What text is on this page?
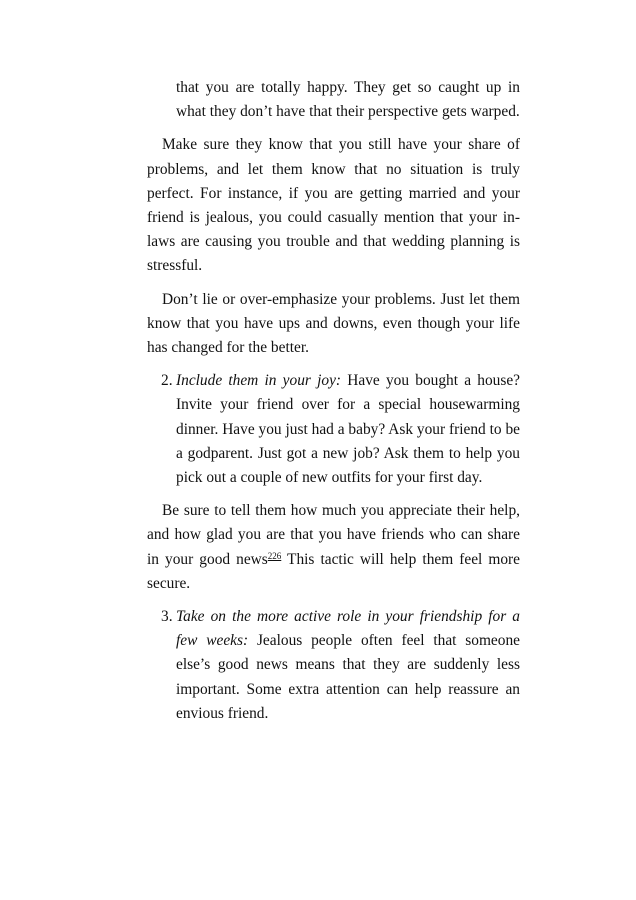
that you are totally happy. They get so caught up in what they don’t have that their perspective gets warped.

Make sure they know that you still have your share of problems, and let them know that no situation is truly perfect. For instance, if you are getting married and your friend is jealous, you could casually mention that your in-laws are causing you trouble and that wedding planning is stressful.

Don’t lie or over-emphasize your problems. Just let them know that you have ups and downs, even though your life has changed for the better.

2. Include them in your joy: Have you bought a house? Invite your friend over for a special housewarming dinner. Have you just had a baby? Ask your friend to be a godparent. Just got a new job? Ask them to help you pick out a couple of new outfits for your first day.

Be sure to tell them how much you appreciate their help, and how glad you are that you have friends who can share in your good news$^{226}$ This tactic will help them feel more secure.

3. Take on the more active role in your friendship for a few weeks: Jealous people often feel that someone else’s good news means that they are suddenly less important. Some extra attention can help reassure an envious friend.
